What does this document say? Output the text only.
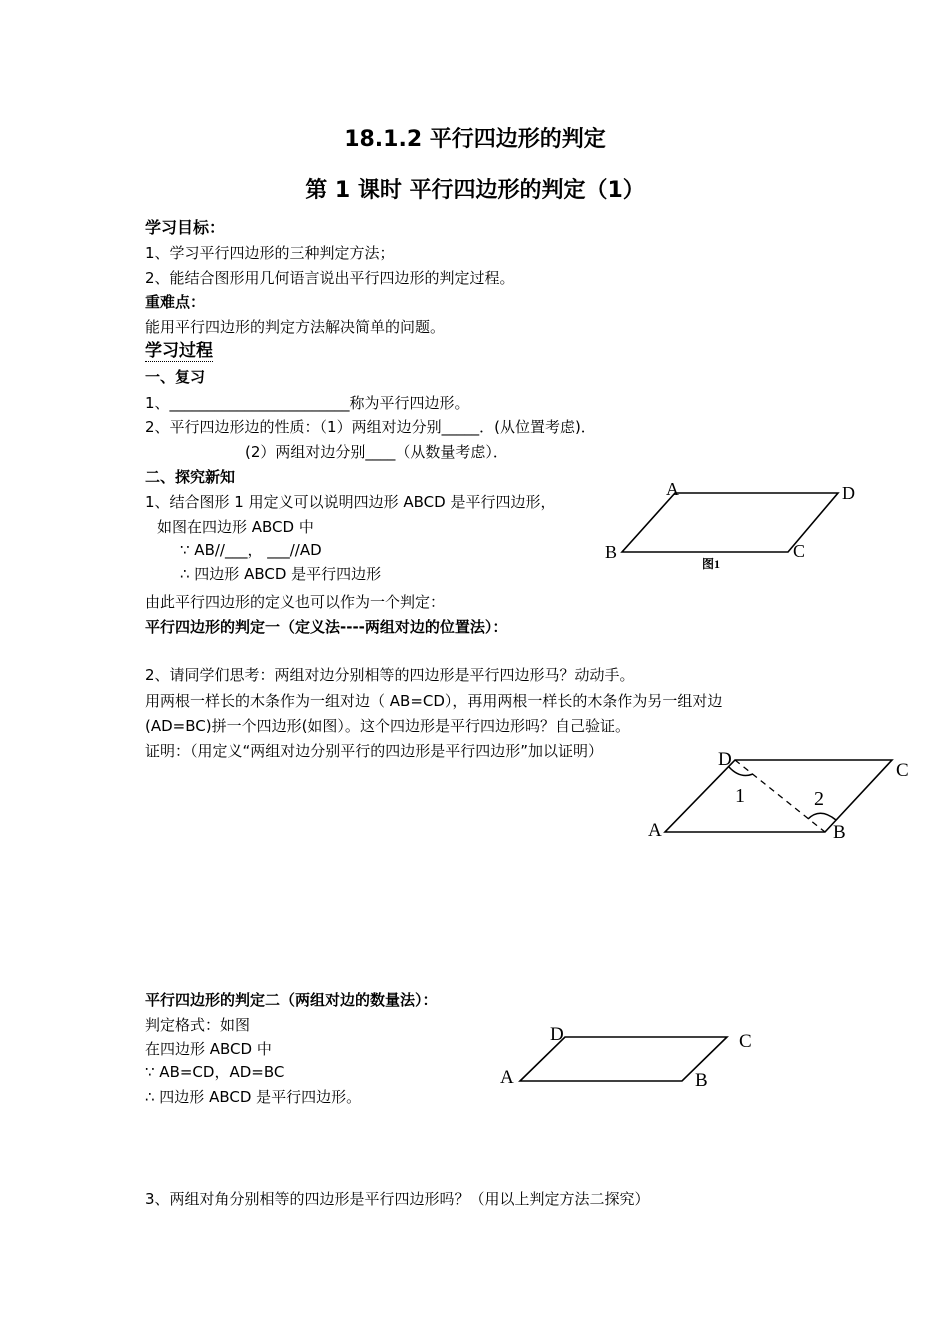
18.1.2 平行四边形的判定
第 1 课时 平行四边形的判定（1）
学习目标：
1、学习平行四边形的三种判定方法；
2、能结合图形用几何语言说出平行四边形的判定过程。
重难点：
能用平行四边形的判定方法解决简单的问题。
学习过程
一、复习
1、________________________称为平行四边形。
2、平行四边形边的性质：（1）两组对边分别_____．(从位置考虑)．
(2）两组对边分别____（从数量考虑）．
二、探究新知
1、结合图形 1 用定义可以说明四边形 ABCD 是平行四边形，
如图在四边形 ABCD 中
∵ AB//___， ___//AD
∴ 四边形 ABCD 是平行四边形
由此平行四边形的定义也可以作为一个判定：
平行四边形的判定一（定义法----两组对边的位置法）：
A	D
B	C
图1
2、请同学们思考：两组对边分别相等的四边形是平行四边形马？动动手。
用两根一样长的木条作为一组对边（ AB=CD），再用两根一样长的木条作为另一组对边
(AD=BC)拼一个四边形(如图）。这个四边形是平行四边形吗？自己验证。
证明：（用定义“两组对边分别平行的四边形是平行四边形”加以证明）	D
C
A	B
1	2
平行四边形的判定二（两组对边的数量法）：
判定格式：如图
在四边形 ABCD 中
∵ AB=CD，AD=BC
∴ 四边形 ABCD 是平行四边形。
D	C
A	B
3、两组对角分别相等的四边形是平行四边形吗？（用以上判定方法二探究）
